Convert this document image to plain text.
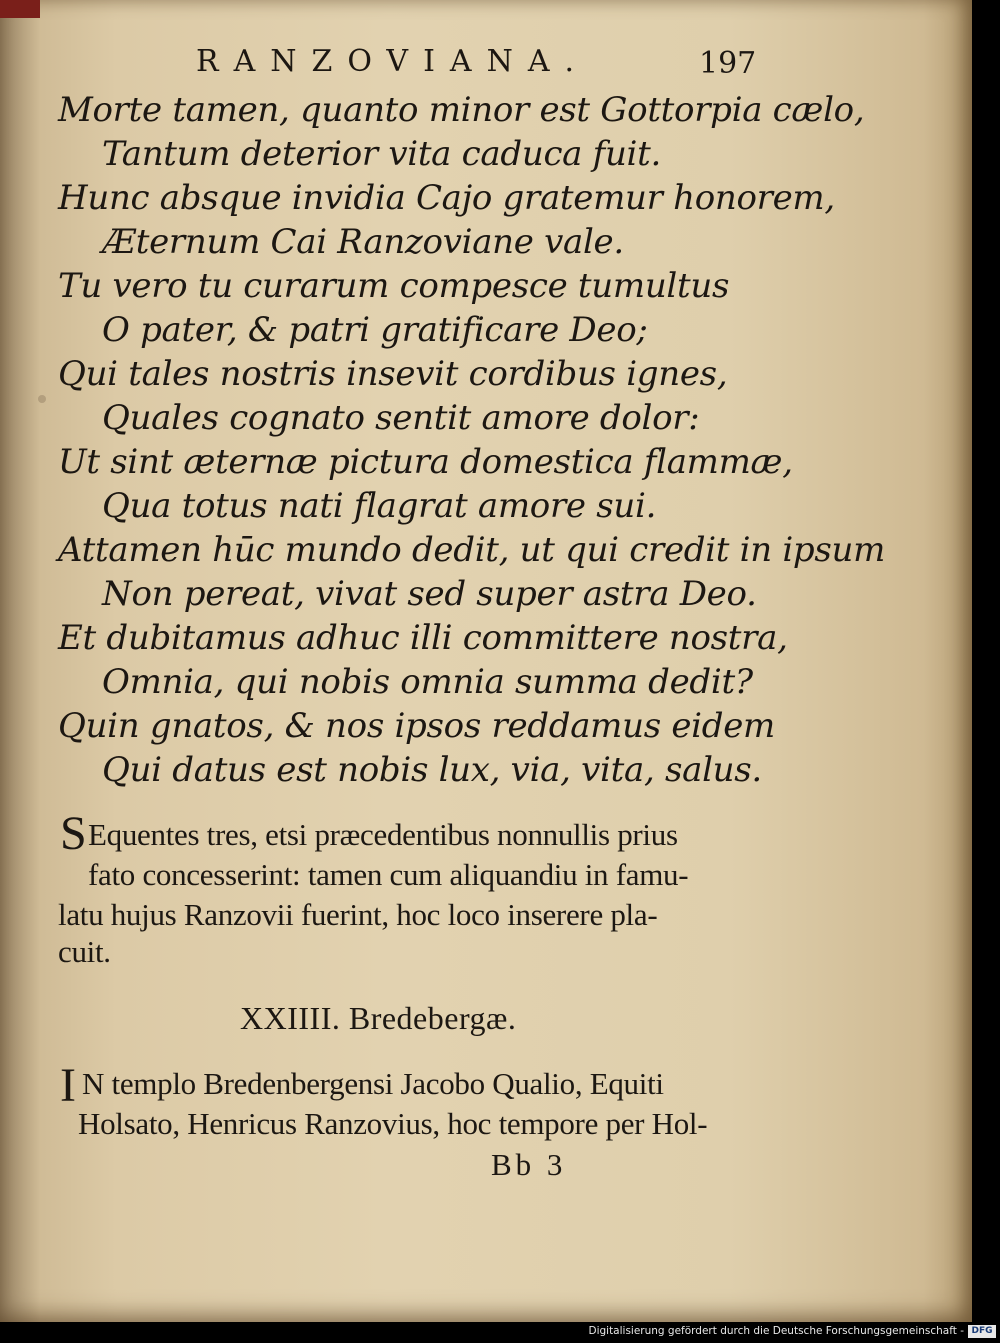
RANZOVIANA.	197
Morte tamen, quanto minor est Gottorpia cælo,
Tantum deterior vita caduca fuit.
Hunc absque invidia Cajo gratemur honorem,
Æternum Cai Ranzoviane vale.
Tu vero tu curarum compesce tumultus
O pater, & patri gratificare Deo;
Qui tales nostris insevit cordibus ignes,
Quales cognato sentit amore dolor:
Ut sint æternæ pictura domestica flammæ,
Qua totus nati flagrat amore sui.
Attamen hūc mundo dedit, ut qui credit in ipsum
Non pereat, vivat sed super astra Deo.
Et dubitamus adhuc illi committere nostra,
Omnia, qui nobis omnia summa dedit?
Quin gnatos, & nos ipsos reddamus eidem
Qui datus est nobis lux, via, vita, salus.
S Equentes tres, etsi præcedentibus nonnullis prius
fato concesserint: tamen cum aliquandiu in famu-
latu hujus Ranzovii fuerint, hoc loco inserere pla-
cuit.
XXIIII. Bredebergæ.
I N templo Bredenbergensi Jacobo Qualio, Equiti
Holsato, Henricus Ranzovius, hoc tempore per Hol-
Bb 3
Digitalisierung gefördert durch die Deutsche Forschungsgemeinschaft - DFG
